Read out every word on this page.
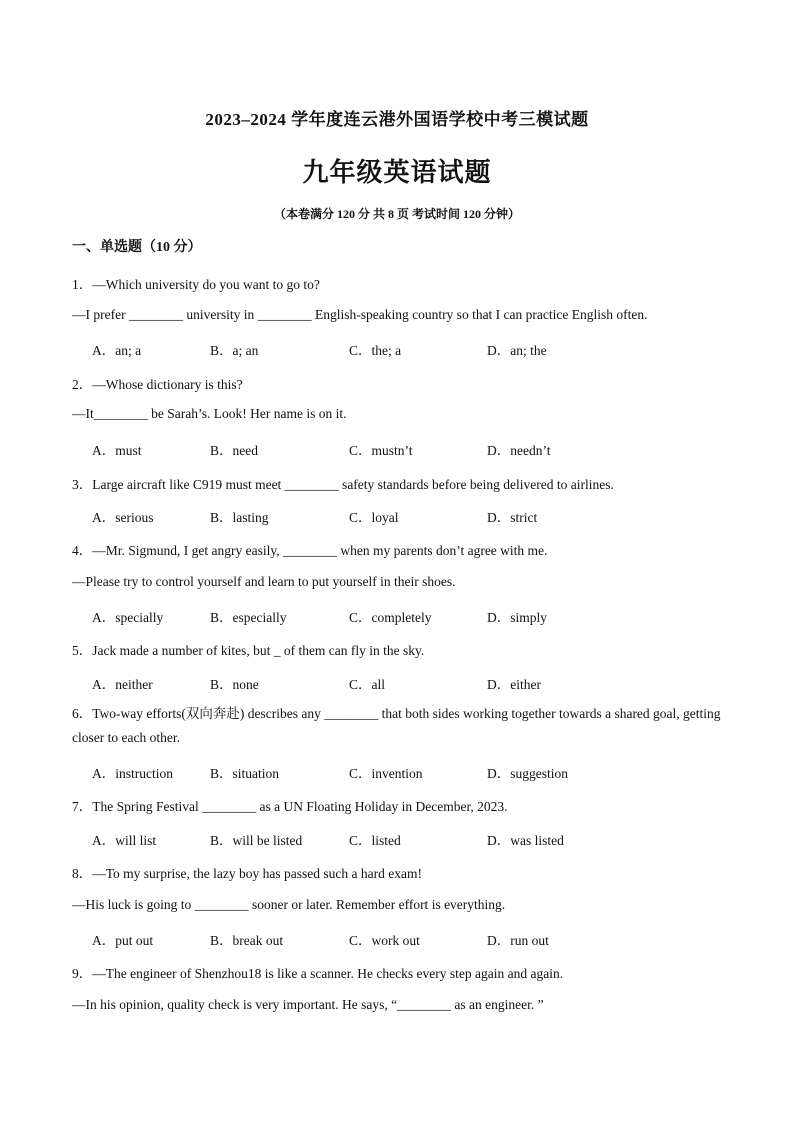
2023–2024 学年度连云港外国语学校中考三模试题
九年级英语试题
（本卷满分 120 分 共 8 页 考试时间 120 分钟）
一、单选题（10 分）
1．—Which university do you want to go to?
—I prefer ________ university in ________ English-speaking country so that I can practice English often.
A．an; a	B．a; an	C．the; a	D．an; the
2．—Whose dictionary is this?
—It________ be Sarah’s. Look! Her name is on it.
A．must	B．need	C．mustn’t	D．needn’t
3．Large aircraft like C919 must meet ________ safety standards before being delivered to airlines.
A．serious	B．lasting	C．loyal	D．strict
4．—Mr. Sigmund, I get angry easily, ________ when my parents don’t agree with me.
—Please try to control yourself and learn to put yourself in their shoes.
A．specially	B．especially	C．completely	D．simply
5．Jack made a number of kites, but _ of them can fly in the sky.
A．neither	B．none	C．all	D．either
6．Two-way efforts(双向奔赴) describes any ________ that both sides working together towards a shared goal, getting closer to each other.
A．instruction	B．situation	C．invention	D．suggestion
7．The Spring Festival ________ as a UN Floating Holiday in December, 2023.
A．will list	B．will be listed	C．listed	D．was listed
8．—To my surprise, the lazy boy has passed such a hard exam!
—His luck is going to ________ sooner or later. Remember effort is everything.
A．put out	B．break out	C．work out	D．run out
9．—The engineer of Shenzhou18 is like a scanner. He checks every step again and again.
—In his opinion, quality check is very important. He says, “________ as an engineer. ”
